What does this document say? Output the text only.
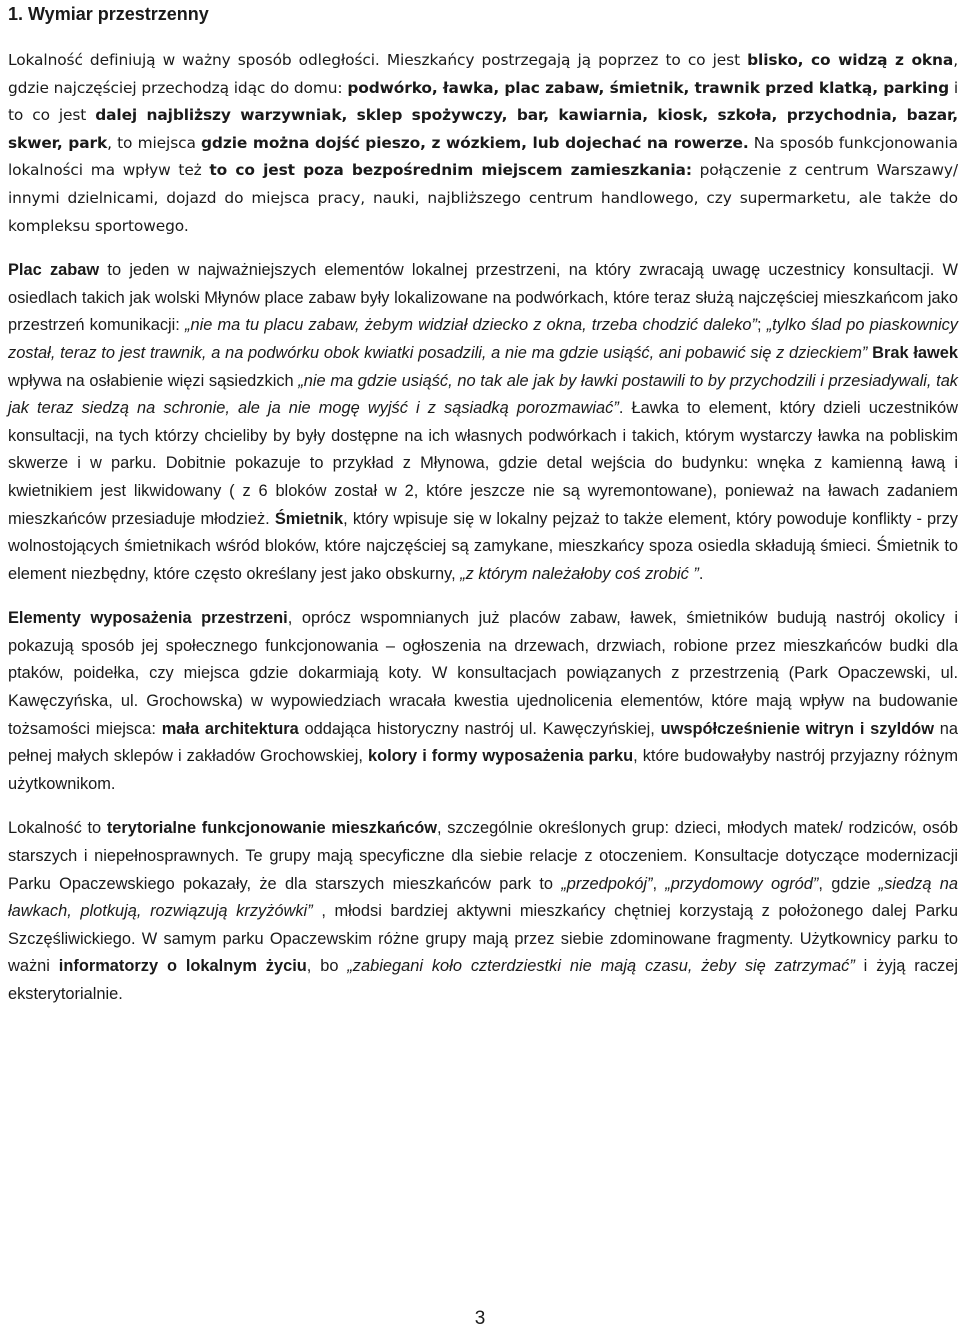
1. Wymiar przestrzenny

Lokalność definiują w ważny sposób odległości. Mieszkańcy postrzegają ją poprzez to co jest blisko, co widzą z okna, gdzie najczęściej przechodzą idąc do domu: podwórko, ławka, plac zabaw, śmietnik, trawnik przed klatką, parking i to co jest dalej najbliższy warzywniak, sklep spożywczy, bar, kawiarnia, kiosk, szkoła, przychodnia, bazar, skwer, park, to miejsca gdzie można dojść pieszo, z wózkiem, lub dojechać na rowerze. Na sposób funkcjonowania lokalności ma wpływ też to co jest poza bezpośrednim miejscem zamieszkania: połączenie z centrum Warszawy/ innymi dzielnicami, dojazd do miejsca pracy, nauki, najbliższego centrum handlowego, czy supermarketu, ale także do kompleksu sportowego.

Plac zabaw to jeden w najważniejszych elementów lokalnej przestrzeni, na który zwracają uwagę uczestnicy konsultacji. W osiedlach takich jak wolski Młynów place zabaw były lokalizowane na podwórkach, które teraz służą najczęściej mieszkańcom jako przestrzeń komunikacji: „nie ma tu placu zabaw, żebym widział dziecko z okna, trzeba chodzić daleko”; „tylko ślad po piaskownicy został, teraz to jest trawnik, a na podwórku obok kwiatki posadzili, a nie ma gdzie usiąść, ani pobawić się z dzieckiem” Brak ławek wpływa na osłabienie więzi sąsiedzkich „nie ma gdzie usiąść, no tak ale jak by ławki postawili to by przychodzili i przesiadywali, tak jak teraz siedzą na schronie, ale ja nie mogę wyjść i z sąsiadką porozmawiać”. Ławka to element, który dzieli uczestników konsultacji, na tych którzy chcieliby by były dostępne na ich własnych podwórkach i takich, którym wystarczy ławka na pobliskim skwerze i w parku. Dobitnie pokazuje to przykład z Młynowa, gdzie detal wejścia do budynku: wnęka z kamienną ławą i kwietnikiem jest likwidowany ( z 6 bloków został w 2, które jeszcze nie są wyremontowane), ponieważ na ławach zadaniem mieszkańców przesiaduje młodzież. Śmietnik, który wpisuje się w lokalny pejzaż to także element, który powoduje konflikty - przy wolnostojących śmietnikach wśród bloków, które najczęściej są zamykane, mieszkańcy spoza osiedla składują śmieci. Śmietnik to element niezbędny, które często określany jest jako obskurny, „z którym należałoby coś zrobić ”.

Elementy wyposażenia przestrzeni, oprócz wspomnianych już placów zabaw, ławek, śmietników budują nastrój okolicy i pokazują sposób jej społecznego funkcjonowania – ogłoszenia na drzewach, drzwiach, robione przez mieszkańców budki dla ptaków, poidełka, czy miejsca gdzie dokarmiają koty. W konsultacjach powiązanych z przestrzenią (Park Opaczewski, ul. Kawęczyńska, ul. Grochowska) w wypowiedziach wracała kwestia ujednolicenia elementów, które mają wpływ na budowanie tożsamości miejsca: mała architektura oddająca historyczny nastrój ul. Kawęczyńskiej, uwspółcześnienie witryn i szyldów na pełnej małych sklepów i zakładów Grochowskiej, kolory i formy wyposażenia parku, które budowałyby nastrój przyjazny różnym użytkownikom.

Lokalność to terytorialne funkcjonowanie mieszkańców, szczególnie określonych grup: dzieci, młodych matek/ rodziców, osób starszych i niepełnosprawnych. Te grupy mają specyficzne dla siebie relacje z otoczeniem. Konsultacje dotyczące modernizacji Parku Opaczewskiego pokazały, że dla starszych mieszkańców park to „przedpokój”, „przydomowy ogród”, gdzie „siedzą na ławkach, plotkują, rozwiązują krzyżówki” , młodsi bardziej aktywni mieszkańcy chętniej korzystają z położonego dalej Parku Szczęśliwickiego. W samym parku Opaczewskim różne grupy mają przez siebie zdominowane fragmenty. Użytkownicy parku to ważni informatorzy o lokalnym życiu, bo „zabiegani koło czterdziestki nie mają czasu, żeby się zatrzymać” i żyją raczej eksterytorialnie.

3
